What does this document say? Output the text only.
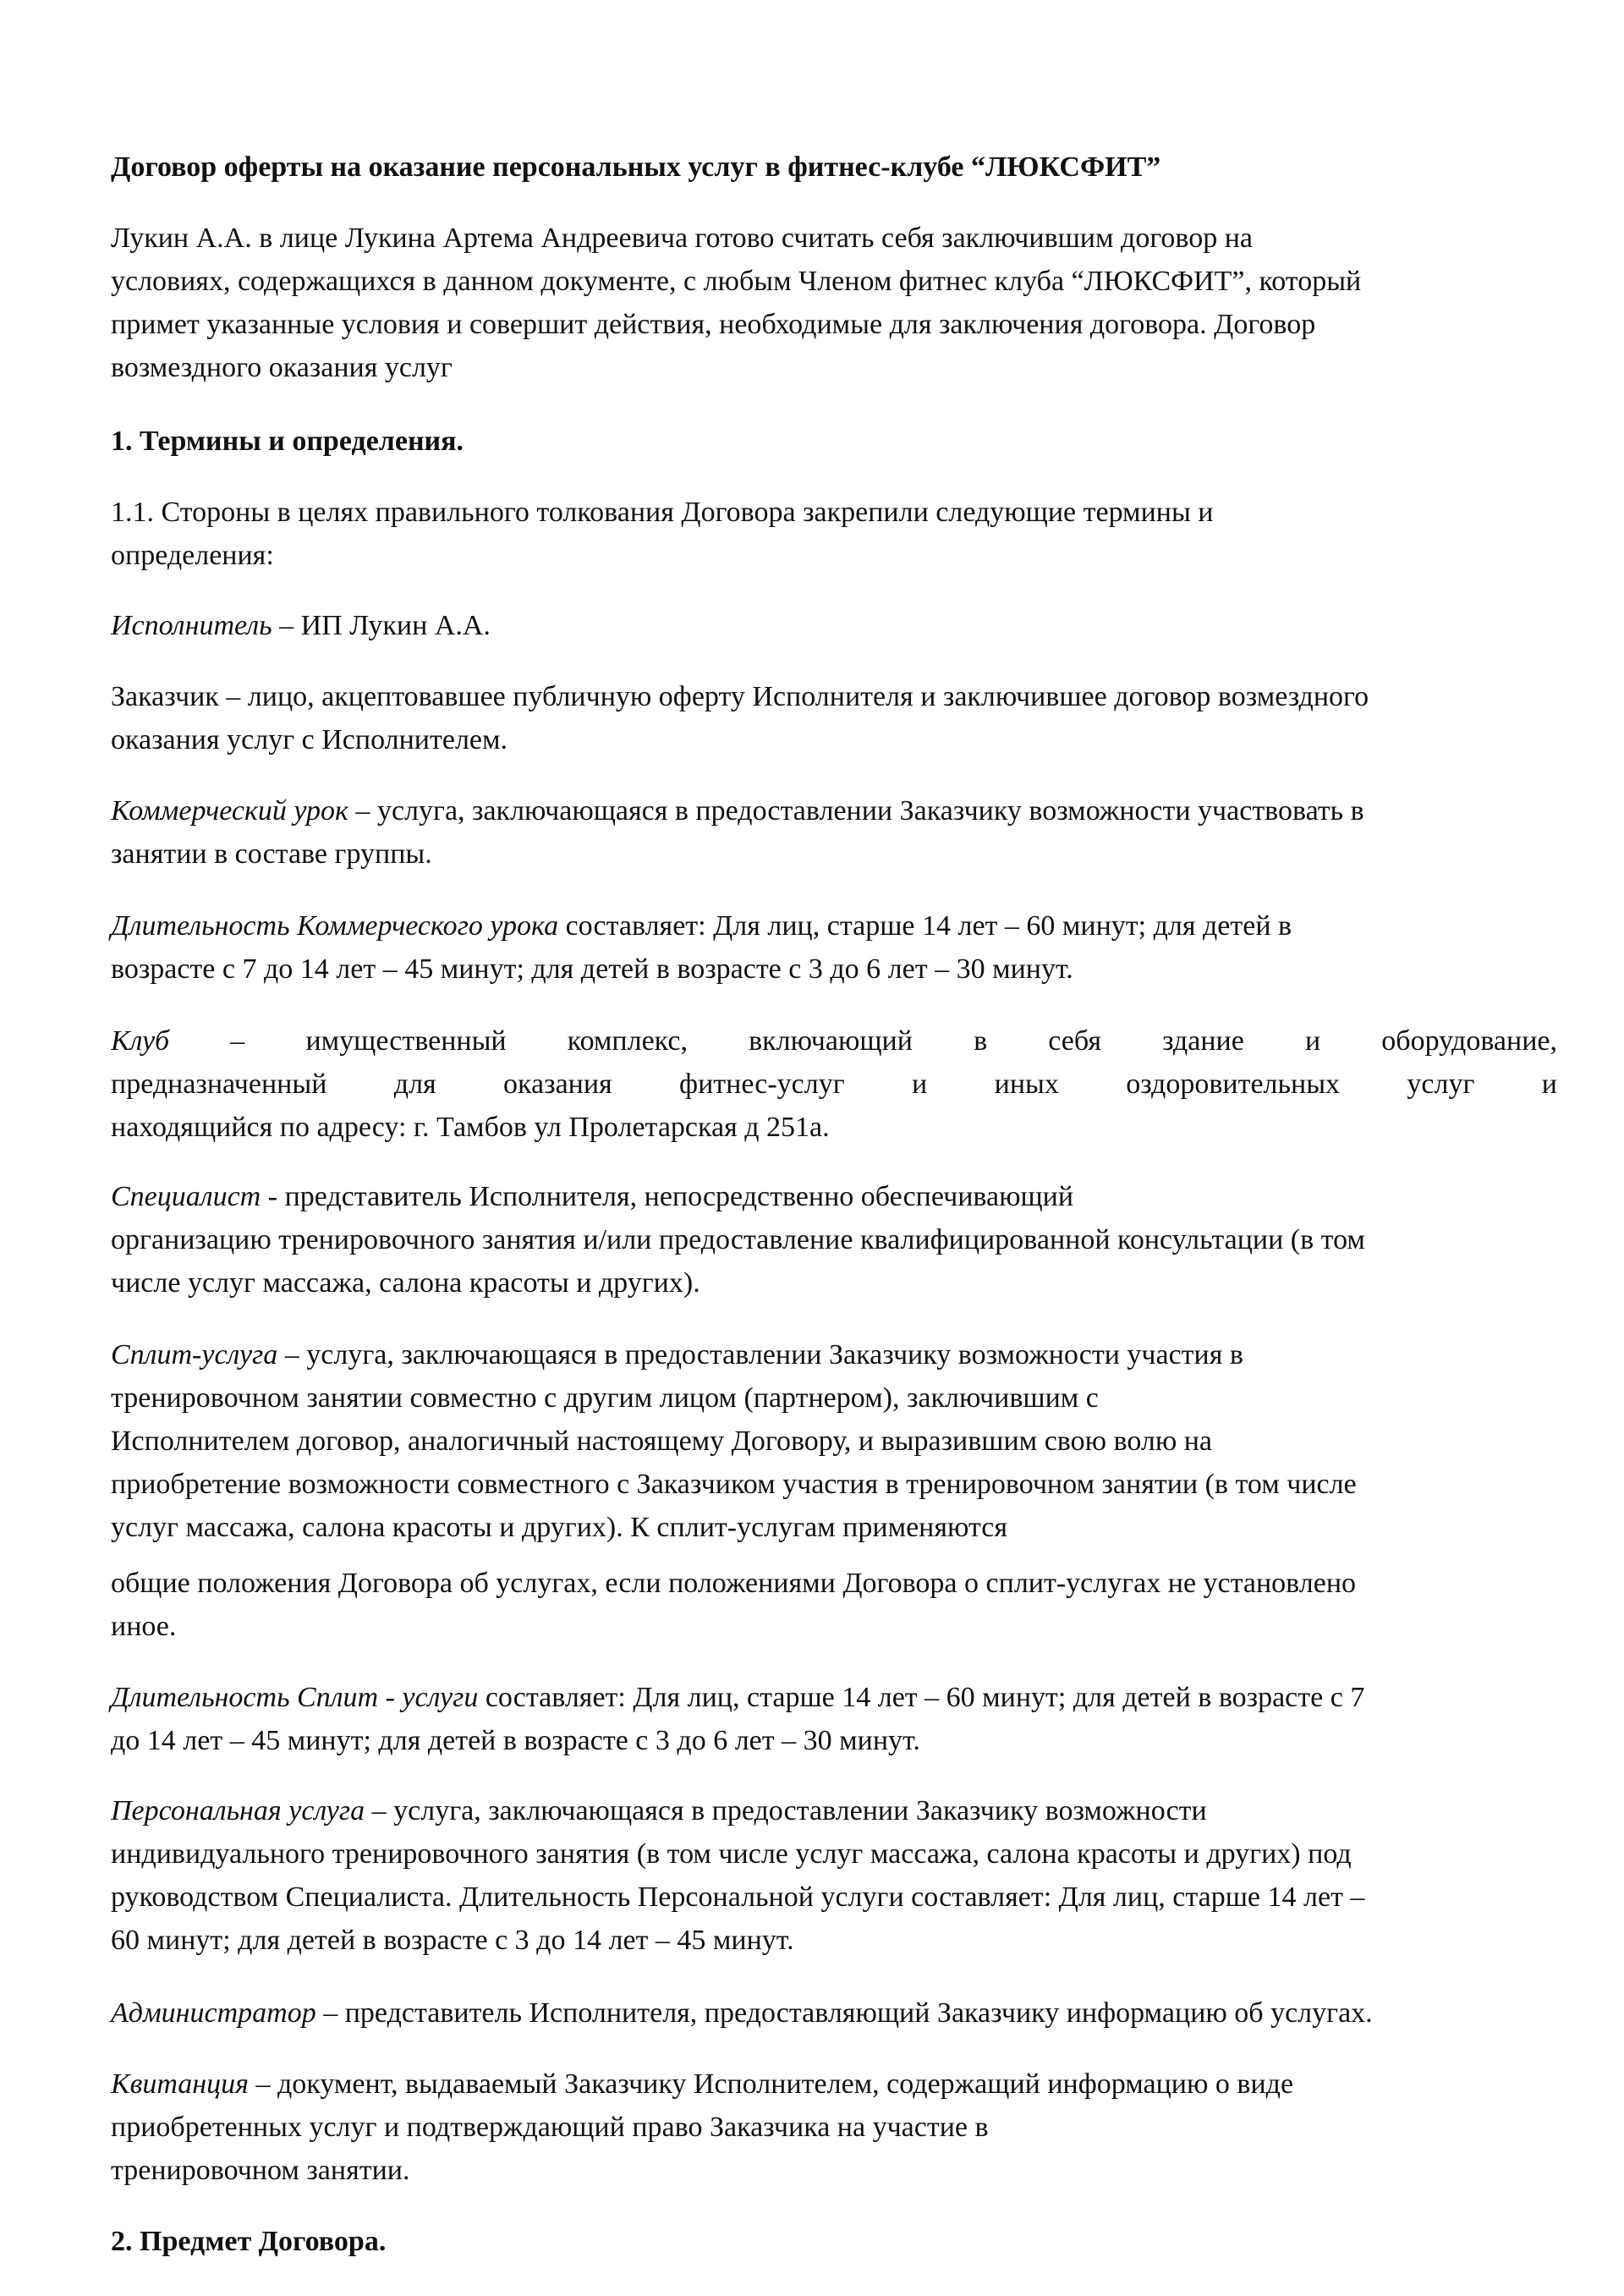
Договор оферты на оказание персональных услуг в фитнес-клубе “ЛЮКСФИТ”
Лукин А.А. в лице Лукина Артема Андреевича готово считать себя заключившим договор на
условиях, содержащихся в данном документе, с любым Членом фитнес клуба “ЛЮКСФИТ”, который
примет указанные условия и совершит действия, необходимые для заключения договора. Договор
возмездного оказания услуг
1. Термины и определения.
1.1. Стороны в целях правильного толкования Договора закрепили следующие термины и
определения:
Исполнитель – ИП Лукин А.А.
Заказчик – лицо, акцептовавшее публичную оферту Исполнителя и заключившее договор возмездного
оказания услуг с Исполнителем.
Коммерческий урок – услуга, заключающаяся в предоставлении Заказчику возможности участвовать в
занятии в составе группы.
Длительность Коммерческого урока составляет: Для лиц, старше 14 лет – 60 минут; для детей в
возрасте с 7 до 14 лет – 45 минут; для детей в возрасте с 3 до 6 лет – 30 минут.
Клуб – имущественный комплекс, включающий в себя здание и оборудование,
предназначенный для оказания фитнес-услуг и иных оздоровительных услуг и
находящийся по адресу: г. Тамбов ул Пролетарская д 251а.
Специалист - представитель Исполнителя, непосредственно обеспечивающий
организацию тренировочного занятия и/или предоставление квалифицированной консультации (в том
числе услуг массажа, салона красоты и других).
Сплит-услуга – услуга, заключающаяся в предоставлении Заказчику возможности участия в
тренировочном занятии совместно с другим лицом (партнером), заключившим с
Исполнителем договор, аналогичный настоящему Договору, и выразившим свою волю на
приобретение возможности совместного с Заказчиком участия в тренировочном занятии (в том числе
услуг массажа, салона красоты и других). К сплит-услугам применяются
общие положения Договора об услугах, если положениями Договора о сплит-услугах не установлено
иное.
Длительность Сплит - услуги составляет: Для лиц, старше 14 лет – 60 минут; для детей в возрасте с 7
до 14 лет – 45 минут; для детей в возрасте с 3 до 6 лет – 30 минут.
Персональная услуга – услуга, заключающаяся в предоставлении Заказчику возможности
индивидуального тренировочного занятия (в том числе услуг массажа, салона красоты и других) под
руководством Специалиста. Длительность Персональной услуги составляет: Для лиц, старше 14 лет –
60 минут; для детей в возрасте с 3 до 14 лет – 45 минут.
Администратор – представитель Исполнителя, предоставляющий Заказчику информацию об услугах.
Квитанция – документ, выдаваемый Заказчику Исполнителем, содержащий информацию о виде
приобретенных услуг и подтверждающий право Заказчика на участие в
тренировочном занятии.
2. Предмет Договора.
